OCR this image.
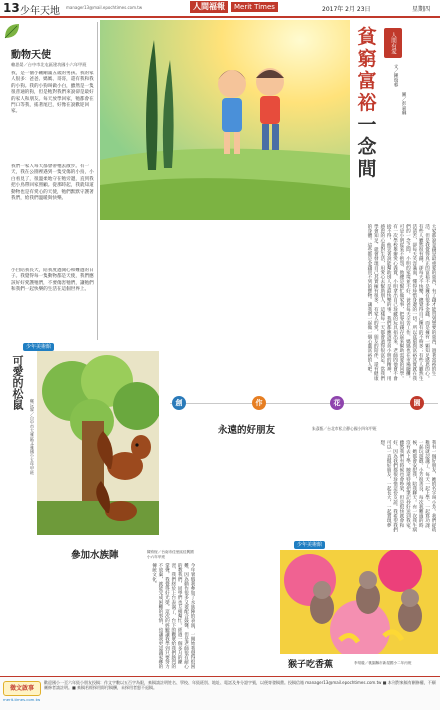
13 少年天地 manager13@mail.epochtimes.com.tw	人間福報	Merit Times	2017年 2月 23日	星期四
動物天使
賴思晏／台中市北屯區建功國小六年甲班
我，是一個小剛剛滿五歲的男孩。我的家人很多：爸爸、媽媽、哥哥，還有我和我的小狗。我的小狗叫做小白，雖然是一隻很普通的狗，但是牠對我們來說卻是最好的家人和朋友。每天放學回家，牠都會在門口等我，搖著尾巴，好像在說歡迎回家。
我們一家人每天都會帶牠去散步。有一天，我在公園裡遇到一隻受傷的小鳥，小白看見了，很溫柔地守在牠旁邊，直到我把小鳥帶回家照顧。從那時起，我就知道動物也是有愛心的天使，牠們默默守護著我們，給我們溫暖與快樂。
小白陪我長大，陪我度過開心和難過的日子。我覺得每一隻動物都是天使，我們應該好好愛護牠們，不要傷害牠們，讓牠們和我們一起快樂的生活在這個世界上。
少年美術館
可愛的松鼠
鄭沅霖／台中市大雅區文雅國小五年甲班
參加水族陣	陳宥恆／台南市佳里區佳興國小六年甲班
今年暑假我參加了水族陣的表演，一開始我覺得很困難，因為動作很多又要配合鼓聲，但是老師很有耐心的教我們，同學們也互相幫忙。經過一個多月的練習，我們終於上台表演了，台下的觀眾給我們熱烈的掌聲，我覺得好光榮。這次的經驗讓我學到只要努力不放棄，就能完成困難的事情，也讓我更認識家鄉的傳統文化。
貧
窮
富
裕
一
念
間
人間有愛
文／鍾瑞蓉
圖／彭嘉琳
大家都說金錢是最重要的東西，有了錢才能買到想要的東西，過著富裕的生活。但是我覺得真正的富裕不是擁有很多金錢，而是擁有一顆知足感恩的心。有些人雖然很有錢，卻每天不快樂，總覺得自己擁有的不夠多；有些人雖然生活清苦，卻每天笑容滿面，懂得珍惜身邊的一切。所以貧窮與富裕其實就在我們的一念之間。小明的家境並不好，爸爸每天辛苦工作，媽媽也在市場擺攤。可是小明從來不抱怨，他總是幫忙做家事，把零用錢存起來幫助需要的同學。有一次學校舉辦愛心義賣，小明拿出自己珍藏的玩具捐出來，老師問他會不會捨不得，他笑著說能幫助別人是最快樂的事。我們都應該學習小明的精神，用感恩的心面對生活，用愛心去幫助別人，這樣每一天都會過得很富足。當我們學會知足，就會發現自己其實擁有很多，有家人的愛、朋友的陪伴，還有健康的身體。這些都是金錢買不到的寶物。讓我們一起做一個心靈富裕的人吧。
創	作	花	園
永遠的好朋友	朱彥甄／台北市私立靜心國小四年甲班
我有一個好朋友，她的名字叫小芳。我們從幼稚園就認識了，每天一起上學、一起寫功課、一起玩遊戲。小芳很善良，每次我難過的時候，她都會安慰我，陪我聊天。有一次我生病沒有去上學，她還特地把筆記抄好送到我家。雖然我們有時候也會吵架，但是很快就會和好，因為我們都很珍惜這份友誼。我希望我們可以一直做好朋友，一起長大，一起實現夢想。
少年美術館
猴子吃香蕉	李易璇／桃園縣市新屋國小二年丙班
徵文啟事
merit-times.com.tw
歡迎國小一至六年級小朋友投稿：作文字數以五百字為限，來稿請註明姓名、學校、年級班別、地址、電話及身分證字號，以便寄發稿費。投稿信箱 manager13@mail.epochtimes.com.tw ■ 本刊對來稿有刪修權，不願刪修者請註明。■ 來稿若經採用即付稿酬，未採用者恕不退稿。
